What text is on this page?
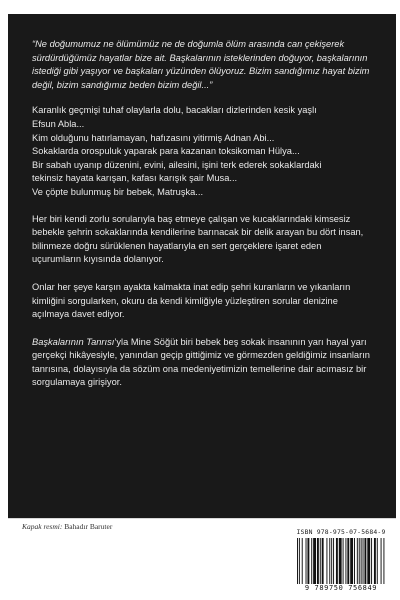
“Ne doğumumuz ne ölümümüz ne de doğumla ölüm arasında can çekişerek sürdürdüğümüz hayatlar bize ait. Başkalarının isteklerinden doğuyor, başkalarının istediği gibi yaşıyor ve başkaları yüzünden ölüyoruz. Bizim sandığımız hayat bizim değil, bizim sandığımız beden bizim değil...”

Karanlık geçmişi tuhaf olaylarla dolu, bacakları dizlerinden kesik yaşlı
Efsun Abla...
Kim olduğunu hatırlamayan, hafızasını yitirmiş Adnan Abi...
Sokaklarda orospuluk yaparak para kazanan toksikoman Hülya...
Bir sabah uyanıp düzenini, evini, ailesini, işini terk ederek sokaklardaki
tekinsiz hayata karışan, kafası karışık şair Musa...
Ve çöpte bulunmuş bir bebek, Matruşka...

Her biri kendi zorlu sorularıyla baş etmeye çalışan ve kucaklarındaki kimsesiz bebekle şehrin sokaklarında kendilerine barınacak bir delik arayan bu dört insan, bilinmeze doğru sürüklenen hayatlarıyla en sert gerçeklere işaret eden uçurumların kıyısında dolanıyor.

Onlar her şeye karşın ayakta kalmakta inat edip şehri kuranların ve yıkanların kimliğini sorgularken, okuru da kendi kimliğiyle yüzleştiren sorular denizine açılmaya davet ediyor.

Başkalarının Tanrısı’yla Mine Söğüt biri bebek beş sokak insanının yarı hayal yarı gerçekçi hikâyesiyle, yanından geçip gittiğimiz ve görmezden geldiğimiz insanların tanrısına, dolayısıyla da sözüm ona medeniyetimizin temellerine dair acımasız bir sorgulamaya girişiyor.

Kapak resmi: Bahadır Baruter
ISBN 978-975-07-5684-9
9 789750 756849
